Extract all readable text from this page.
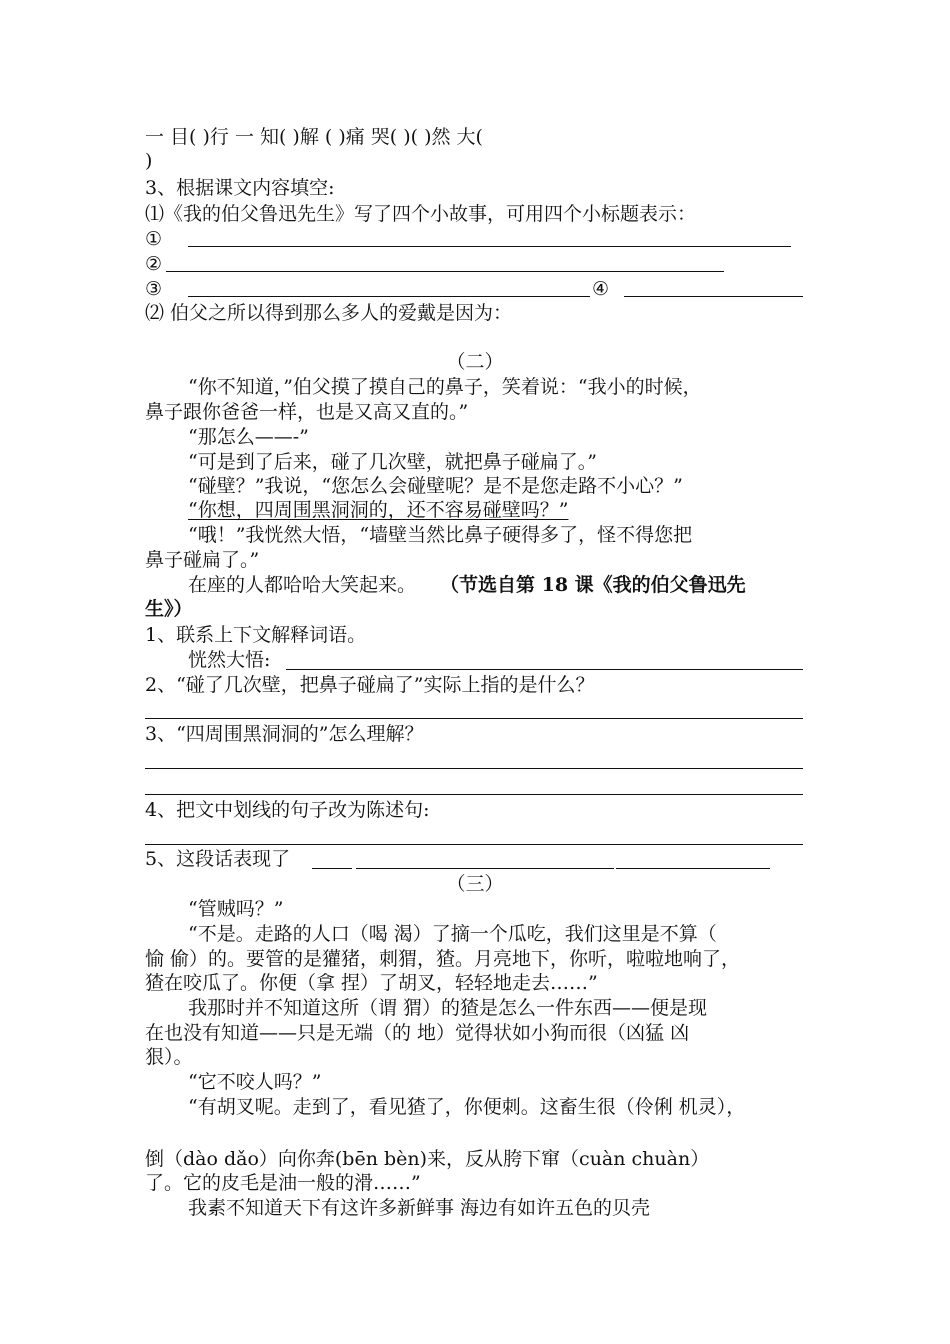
一 目( )行 一 知( )解 ( )痛 哭( )( )然 大(
)
3、根据课文内容填空:
⑴《我的伯父鲁迅先生》写了四个小故事，可用四个小标题表示：
①
②
③	④
⑵ 伯父之所以得到那么多人的爱戴是因为：
（二）
“你不知道，”伯父摸了摸自己的鼻子，笑着说：“我小的时候，
鼻子跟你爸爸一样，也是又高又直的。”
“那怎么——-”
“可是到了后来，碰了几次壁，就把鼻子碰扁了。”
“碰壁？”我说，“您怎么会碰壁呢？是不是您走路不小心？”
“你想，四周围黑洞洞的，还不容易碰壁吗？”
“哦！”我恍然大悟，“墙壁当然比鼻子硬得多了，怪不得您把
鼻子碰扁了。”
在座的人都哈哈大笑起来。 （节选自第 18 课《我的伯父鲁迅先
生》）
1、联系上下文解释词语。
恍然大悟:
2、“碰了几次壁，把鼻子碰扁了”实际上指的是什么？
3、“四周围黑洞洞的”怎么理解？
4、把文中划线的句子改为陈述句:
5、这段话表现了
（三）
“管贼吗？”
“不是。走路的人口（喝 渴）了摘一个瓜吃，我们这里是不算（
愉 偷）的。要管的是獾猪，刺猬，猹。月亮地下，你听，啦啦地响了，
猹在咬瓜了。你便（拿 捏）了胡叉，轻轻地走去……”
我那时并不知道这所（谓 猬）的猹是怎么一件东西——便是现
在也没有知道——只是无端（的 地）觉得状如小狗而很（凶猛 凶
狠）。
“它不咬人吗？”
“有胡叉呢。走到了，看见猹了，你便刺。这畜生很（伶俐 机灵），
倒（dào dǎo）向你奔(bēn bèn)来，反从胯下窜（cuàn chuàn）
了。它的皮毛是油一般的滑……”
我素不知道天下有这许多新鲜事 海边有如许五色的贝壳
